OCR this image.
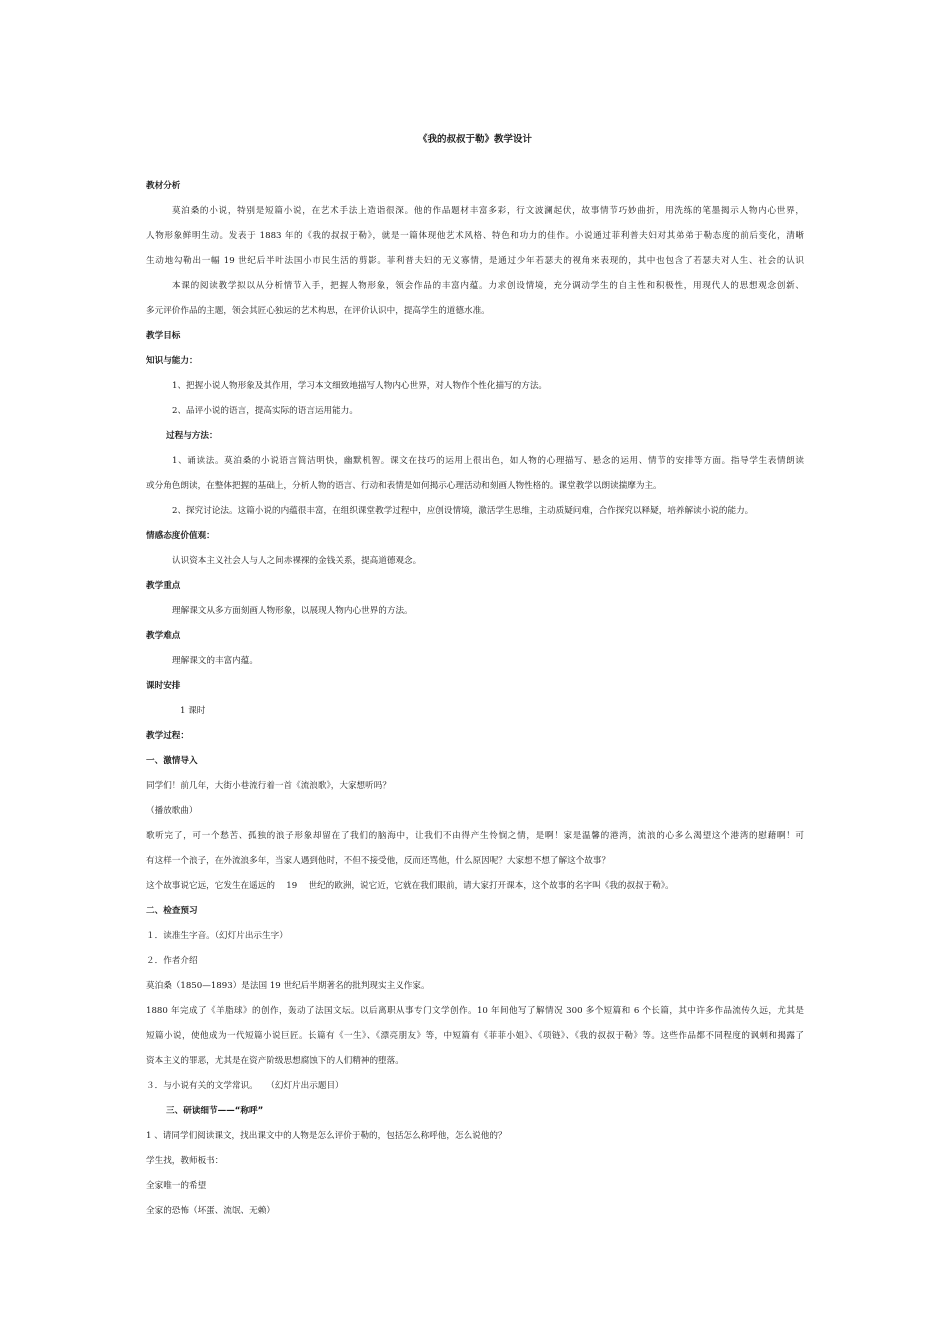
《我的叔叔于勒》教学设计
教材分析
莫泊桑的小说，特别是短篇小说，在艺术手法上造诣很深。他的作品题材丰富多彩，行文波澜起伏，故事情节巧妙曲折，用洗练的笔墨揭示人物内心世界，
人物形象鲜明生动。发表于 1883 年的《我的叔叔于勒》，就是一篇体现他艺术风格、特色和功力的佳作。小说通过菲利普夫妇对其弟弟于勒态度的前后变化，清晰
生动地勾勒出一幅 19 世纪后半叶法国小市民生活的剪影。菲利普夫妇的无义寡情，是通过少年若瑟夫的视角来表现的，其中也包含了若瑟夫对人生、社会的认识
本课的阅读教学拟以从分析情节入手，把握人物形象，领会作品的丰富内蕴。力求创设情境，充分调动学生的自主性和积极性，用现代人的思想观念创新、
多元评价作品的主题，领会其匠心独运的艺术构思，在评价认识中，提高学生的道德水准。
教学目标
知识与能力：
1、把握小说人物形象及其作用，学习本文细致地描写人物内心世界，对人物作个性化描写的方法。
2、品评小说的语言，提高实际的语言运用能力。
过程与方法：
1、诵读法。莫泊桑的小说语言简洁明快，幽默机智。课文在技巧的运用上很出色，如人物的心理描写、悬念的运用、情节的安排等方面。指导学生表情朗读
或分角色朗读，在整体把握的基础上，分析人物的语言、行动和表情是如何揭示心理活动和刻画人物性格的。课堂教学以朗读揣摩为主。
2、探究讨论法。这篇小说的内蕴很丰富，在组织课堂教学过程中，应创设情境，激活学生思维，主动质疑问难，合作探究以释疑，培养解读小说的能力。
情感态度价值观：
认识资本主义社会人与人之间赤裸裸的金钱关系，提高道德观念。
教学重点
理解课文从多方面刻画人物形象，以展现人物内心世界的方法。
教学难点
理解课文的丰富内蕴。
课时安排
1 课时
教学过程：
一、激情导入
同学们！前几年，大街小巷流行着一首《流浪歌》，大家想听吗？
（播放歌曲）
歌听完了，可一个愁苦、孤独的浪子形象却留在了我们的脑海中，让我们不由得产生怜悯之情，是啊！家是温馨的港湾，流浪的心多么渴望这个港湾的慰藉啊！可
有这样一个浪子，在外流浪多年，当家人遇到他时，不但不接受他，反而还骂他，什么原因呢？大家想不想了解这个故事？
这个故事说它远，它发生在遥远的　 19　 世纪的欧洲，说它近，它就在我们眼前，请大家打开课本，这个故事的名字叫《我的叔叔于勒》。
二、检查预习
１．读准生字音。（幻灯片出示生字）
２．作者介绍
莫泊桑（1850—1893）是法国 19 世纪后半期著名的批判现实主义作家。
1880 年完成了《羊脂球》的创作，轰动了法国文坛。以后离职从事专门文学创作。10 年间他写了解情况 300 多个短篇和 6 个长篇，其中许多作品流传久远，尤其是
短篇小说，使他成为一代短篇小说巨匠。长篇有《一生》、《漂亮朋友》等，中短篇有《菲菲小姐》、《项链》、《我的叔叔于勒》等。这些作品都不同程度的讽刺和揭露了
资本主义的罪恶，尤其是在资产阶级思想腐蚀下的人们精神的堕落。
３．与小说有关的文学常识。　　（幻灯片出示题目）
三、研读细节——“称呼”
1 、请同学们阅读课文，找出课文中的人物是怎么评价于勒的，包括怎么称呼他，怎么说他的？
学生找，教师板书：
全家唯一的希望
全家的恐怖（坏蛋、流氓、无赖）
